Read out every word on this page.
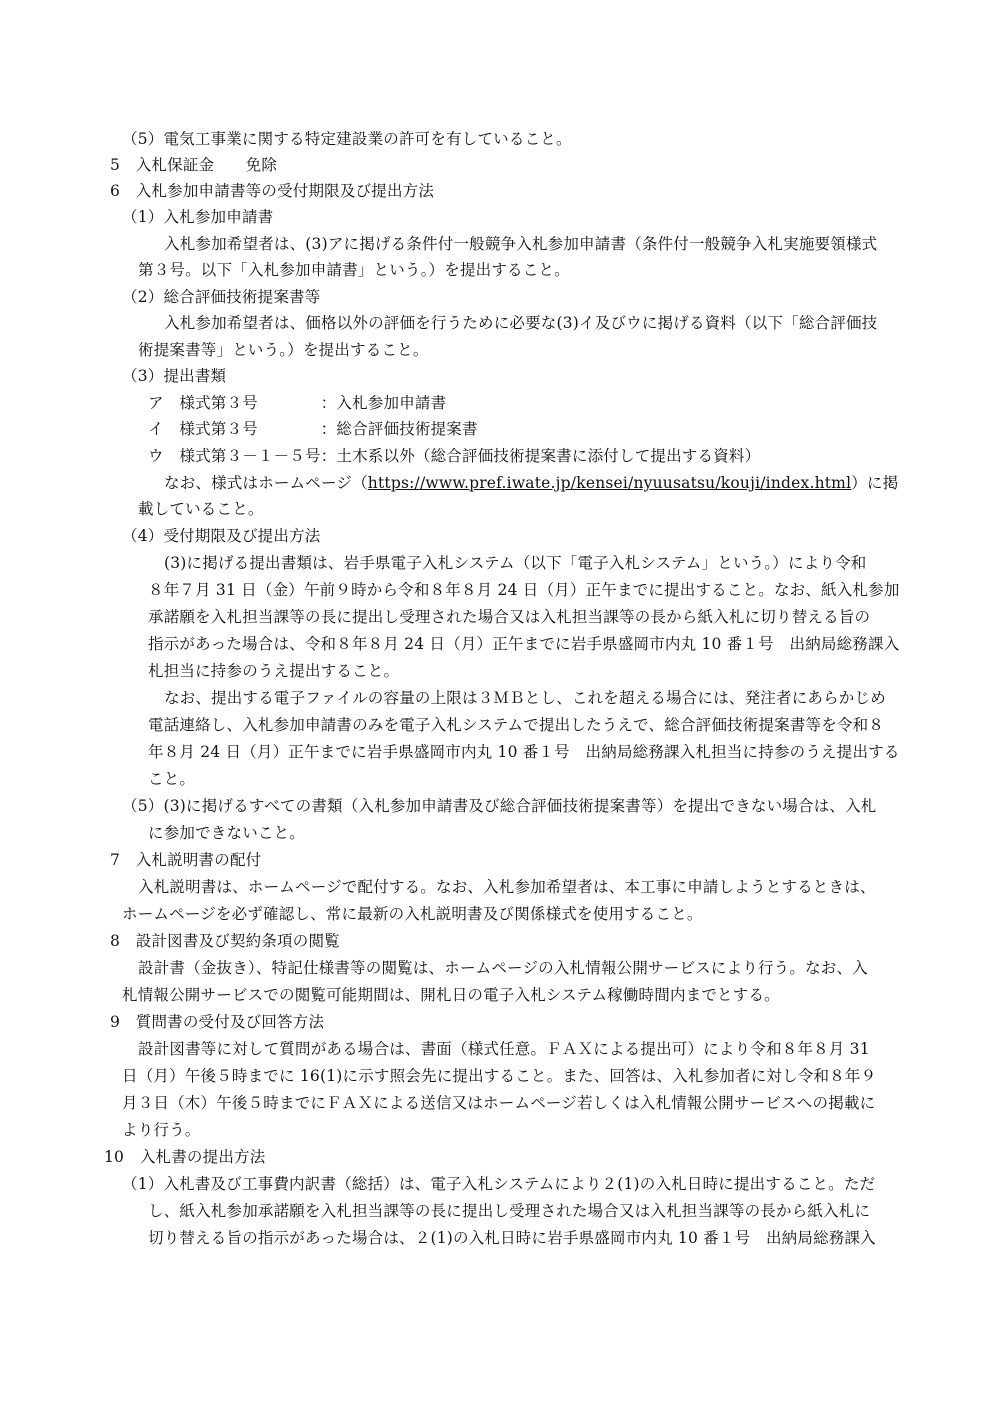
（5）電気工事業に関する特定建設業の許可を有していること。
5　入札保証金　　免除
6　入札参加申請書等の受付期限及び提出方法
（1）入札参加申請書
入札参加希望者は、(3)アに掲げる条件付一般競争入札参加申請書（条件付一般競争入札実施要領様式
第３号。以下「入札参加申請書」という。）を提出すること。
（2）総合評価技術提案書等
入札参加希望者は、価格以外の評価を行うために必要な(3)イ及びウに掲げる資料（以下「総合評価技
術提案書等」という。）を提出すること。
（3）提出書類
ア　様式第３号　　　　：入札参加申請書
イ　様式第３号　　　　：総合評価技術提案書
ウ　様式第３－１－５号：土木系以外（総合評価技術提案書に添付して提出する資料）
なお、様式はホームページ（https://www.pref.iwate.jp/kensei/nyuusatsu/kouji/index.html）に掲
載していること。
（4）受付期限及び提出方法
(3)に掲げる提出書類は、岩手県電子入札システム（以下「電子入札システム」という。）により令和
８年７月 31 日（金）午前９時から令和８年８月 24 日（月）正午までに提出すること。なお、紙入札参加
承諾願を入札担当課等の長に提出し受理された場合又は入札担当課等の長から紙入札に切り替える旨の
指示があった場合は、令和８年８月 24 日（月）正午までに岩手県盛岡市内丸 10 番１号　出納局総務課入
札担当に持参のうえ提出すること。
なお、提出する電子ファイルの容量の上限は３ＭＢとし、これを超える場合には、発注者にあらかじめ
電話連絡し、入札参加申請書のみを電子入札システムで提出したうえで、総合評価技術提案書等を令和８
年８月 24 日（月）正午までに岩手県盛岡市内丸 10 番１号　出納局総務課入札担当に持参のうえ提出する
こと。
（5）(3)に掲げるすべての書類（入札参加申請書及び総合評価技術提案書等）を提出できない場合は、入札
に参加できないこと。
7　入札説明書の配付
入札説明書は、ホームページで配付する。なお、入札参加希望者は、本工事に申請しようとするときは、
ホームページを必ず確認し、常に最新の入札説明書及び関係様式を使用すること。
8　設計図書及び契約条項の閲覧
設計書（金抜き）、特記仕様書等の閲覧は、ホームページの入札情報公開サービスにより行う。なお、入
札情報公開サービスでの閲覧可能期間は、開札日の電子入札システム稼働時間内までとする。
9　質問書の受付及び回答方法
設計図書等に対して質問がある場合は、書面（様式任意。ＦＡＸによる提出可）により令和８年８月 31
日（月）午後５時までに 16(1)に示す照会先に提出すること。また、回答は、入札参加者に対し令和８年９
月３日（木）午後５時までにＦＡＸによる送信又はホームページ若しくは入札情報公開サービスへの掲載に
より行う。
10　入札書の提出方法
（1）入札書及び工事費内訳書（総括）は、電子入札システムにより２(1)の入札日時に提出すること。ただ
し、紙入札参加承諾願を入札担当課等の長に提出し受理された場合又は入札担当課等の長から紙入札に
切り替える旨の指示があった場合は、２(1)の入札日時に岩手県盛岡市内丸 10 番１号　出納局総務課入
